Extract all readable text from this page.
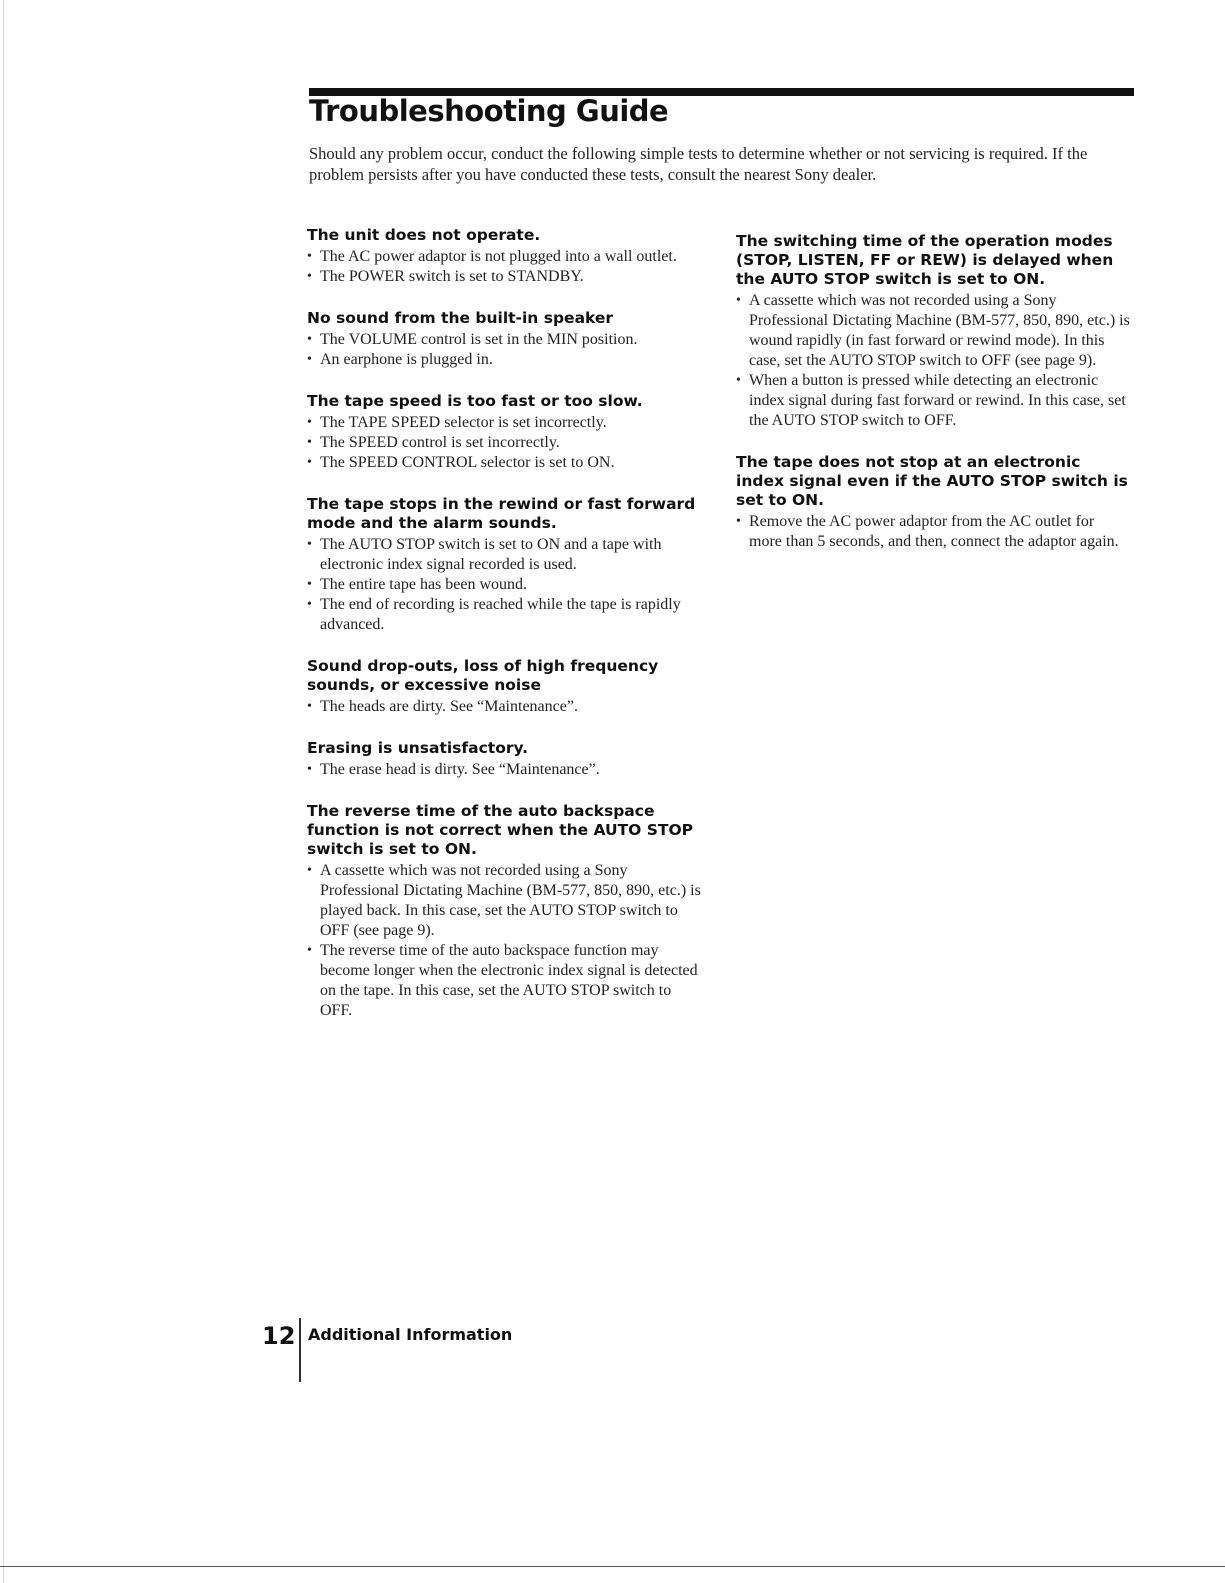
Troubleshooting Guide

Should any problem occur, conduct the following simple tests to determine whether or not servicing is required. If the problem persists after you have conducted these tests, consult the nearest Sony dealer.

The unit does not operate.
• The AC power adaptor is not plugged into a wall outlet.
• The POWER switch is set to STANDBY.
No sound from the built-in speaker
• The VOLUME control is set in the MIN position.
• An earphone is plugged in.
The tape speed is too fast or too slow.
• The TAPE SPEED selector is set incorrectly.
• The SPEED control is set incorrectly.
• The SPEED CONTROL selector is set to ON.
The tape stops in the rewind or fast forward mode and the alarm sounds.
• The AUTO STOP switch is set to ON and a tape with electronic index signal recorded is used.
• The entire tape has been wound.
• The end of recording is reached while the tape is rapidly advanced.
Sound drop-outs, loss of high frequency sounds, or excessive noise
• The heads are dirty. See “Maintenance”.
Erasing is unsatisfactory.
• The erase head is dirty. See “Maintenance”.
The reverse time of the auto backspace function is not correct when the AUTO STOP switch is set to ON.
• A cassette which was not recorded using a Sony Professional Dictating Machine (BM-577, 850, 890, etc.) is played back. In this case, set the AUTO STOP switch to OFF (see page 9).
• The reverse time of the auto backspace function may become longer when the electronic index signal is detected on the tape. In this case, set the AUTO STOP switch to OFF.
The switching time of the operation modes (STOP, LISTEN, FF or REW) is delayed when the AUTO STOP switch is set to ON.
• A cassette which was not recorded using a Sony Professional Dictating Machine (BM-577, 850, 890, etc.) is wound rapidly (in fast forward or rewind mode). In this case, set the AUTO STOP switch to OFF (see page 9).
• When a button is pressed while detecting an electronic index signal during fast forward or rewind. In this case, set the AUTO STOP switch to OFF.
The tape does not stop at an electronic index signal even if the AUTO STOP switch is set to ON.
• Remove the AC power adaptor from the AC outlet for more than 5 seconds, and then, connect the adaptor again.
12 Additional Information
